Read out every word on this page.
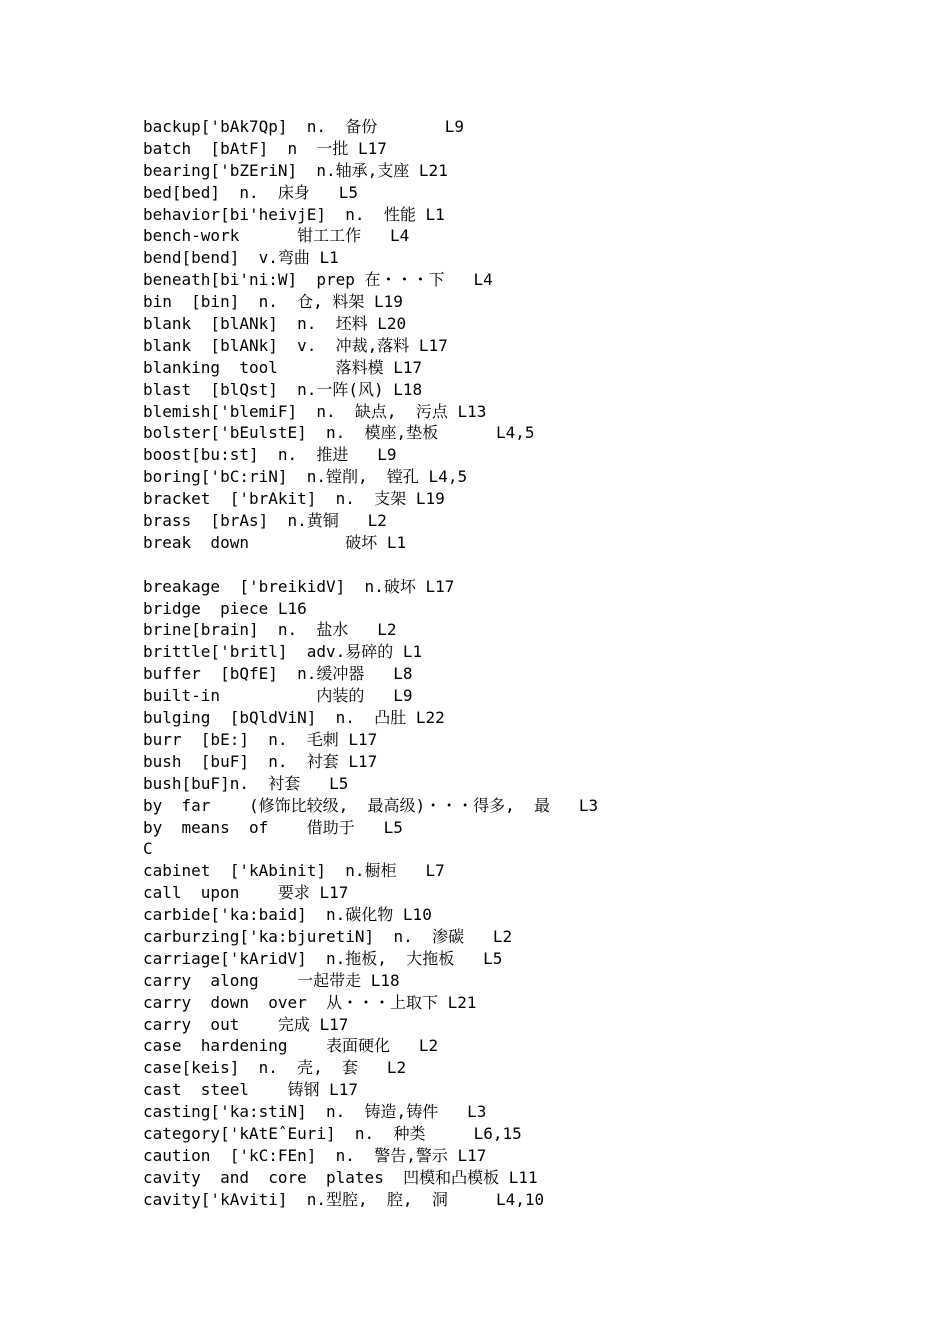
backup['bAk7Qp]  n.  备份       L9
batch  [bAtF]  n  一批 L17
bearing['bZEriN]  n.轴承,支座 L21
bed[bed]  n.  床身   L5
behavior[bi'heivjE]  n.  性能 L1
bench-work      钳工工作   L4
bend[bend]  v.弯曲 L1
beneath[bi'ni:W]  prep 在・・・下   L4
bin  [bin]  n.  仓, 料架 L19
blank  [blANk]  n.  坯料 L20
blank  [blANk]  v.  冲裁,落料 L17
blanking  tool      落料模 L17
blast  [blQst]  n.一阵(风) L18
blemish['blemiF]  n.  缺点,  污点 L13
bolster['bEulstE]  n.  模座,垫板      L4,5
boost[bu:st]  n.  推进   L9
boring['bC:riN]  n.镗削,  镗孔 L4,5
bracket  ['brAkit]  n.  支架 L19
brass  [brAs]  n.黄铜   L2
break  down          破坏 L1
breakage  ['breikidV]  n.破坏 L17
bridge  piece L16
brine[brain]  n.  盐水   L2
brittle['britl]  adv.易碎的 L1
buffer  [bQfE]  n.缓冲器   L8
built-in          内装的   L9
bulging  [bQldViN]  n.  凸肚 L22
burr  [bE:]  n.  毛刺 L17
bush  [buF]  n.  衬套 L17
bush[buF]n.  衬套   L5
by  far    (修饰比较级,  最高级)・・・得多,  最   L3
by  means  of    借助于   L5
C
cabinet  ['kAbinit]  n.橱柜   L7
call  upon    要求 L17
carbide['ka:baid]  n.碳化物 L10
carburzing['ka:bjuretiN]  n.  渗碳   L2
carriage['kAridV]  n.拖板,  大拖板   L5
carry  along    一起带走 L18
carry  down  over  从・・・上取下 L21
carry  out    完成 L17
case  hardening    表面硬化   L2
case[keis]  n.  壳,  套   L2
cast  steel    铸钢 L17
casting['ka:stiN]  n.  铸造,铸件   L3
category['kAtEˆEuri]  n.  种类     L6,15
caution  ['kC:FEn]  n.  警告,警示 L17
cavity  and  core  plates  凹模和凸模板 L11
cavity['kAviti]  n.型腔,  腔,  洞     L4,10
